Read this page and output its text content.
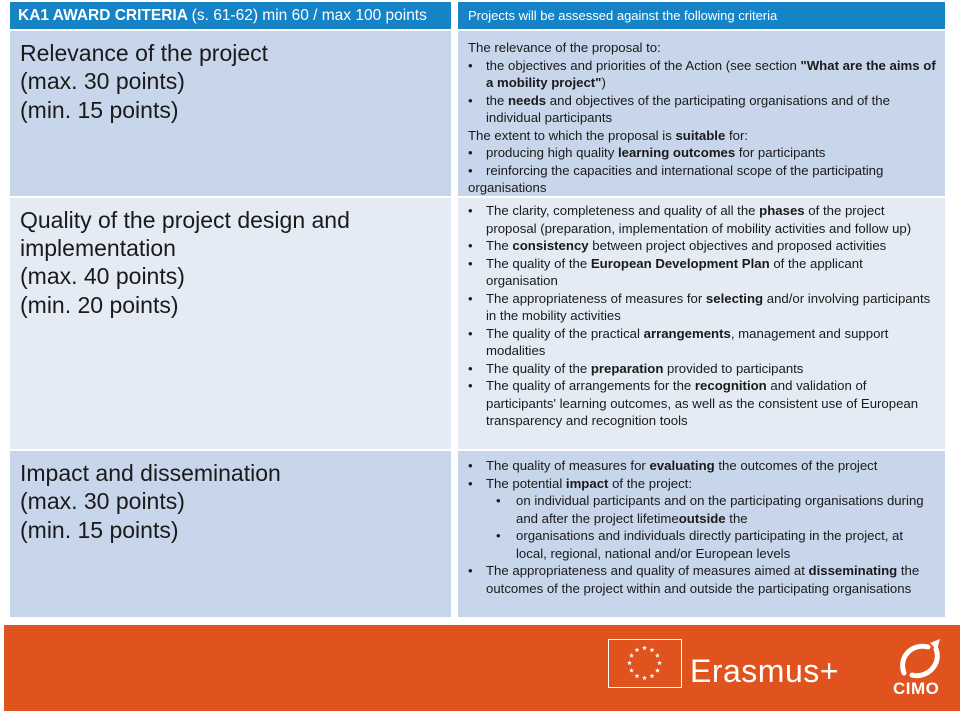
KA1 AWARD CRITERIA (s. 61-62) min 60 / max 100 points	Projects will be assessed against the following criteria
Relevance of the project
(max. 30 points)
(min. 15 points)

The relevance of the proposal to:

• the objectives and priorities of the Action (see section "What are the aims of a mobility project")
• the needs and objectives of the participating organisations and of the individual participants

The extent to which the proposal is suitable for:

• producing high quality learning outcomes for participants
• reinforcing the capacities and international scope of the participating organisations
Quality of the project design and implementation
(max. 40 points)
(min. 20 points)
• The clarity, completeness and quality of all the phases of the project proposal (preparation, implementation of mobility activities and follow up)
• The consistency between project objectives and proposed activities
• The quality of the European Development Plan of the applicant organisation
• The appropriateness of measures for selecting and/or involving participants in the mobility activities
• The quality of the practical arrangements, management and support modalities
• The quality of the preparation provided to participants
• The quality of arrangements for the recognition and validation of participants' learning outcomes, as well as the consistent use of European transparency and recognition tools
Impact and dissemination
(max. 30 points)
(min. 15 points)
• The quality of measures for evaluating the outcomes of the project
• The potential impact of the project:
• on individual participants and on the participating organisations during and after the project lifetimeoutside the
• organisations and individuals directly participating in the project, at local, regional, national and/or European levels
• The appropriateness and quality of measures aimed at disseminating the outcomes of the project within and outside the participating organisations
Erasmus+	CIMO
